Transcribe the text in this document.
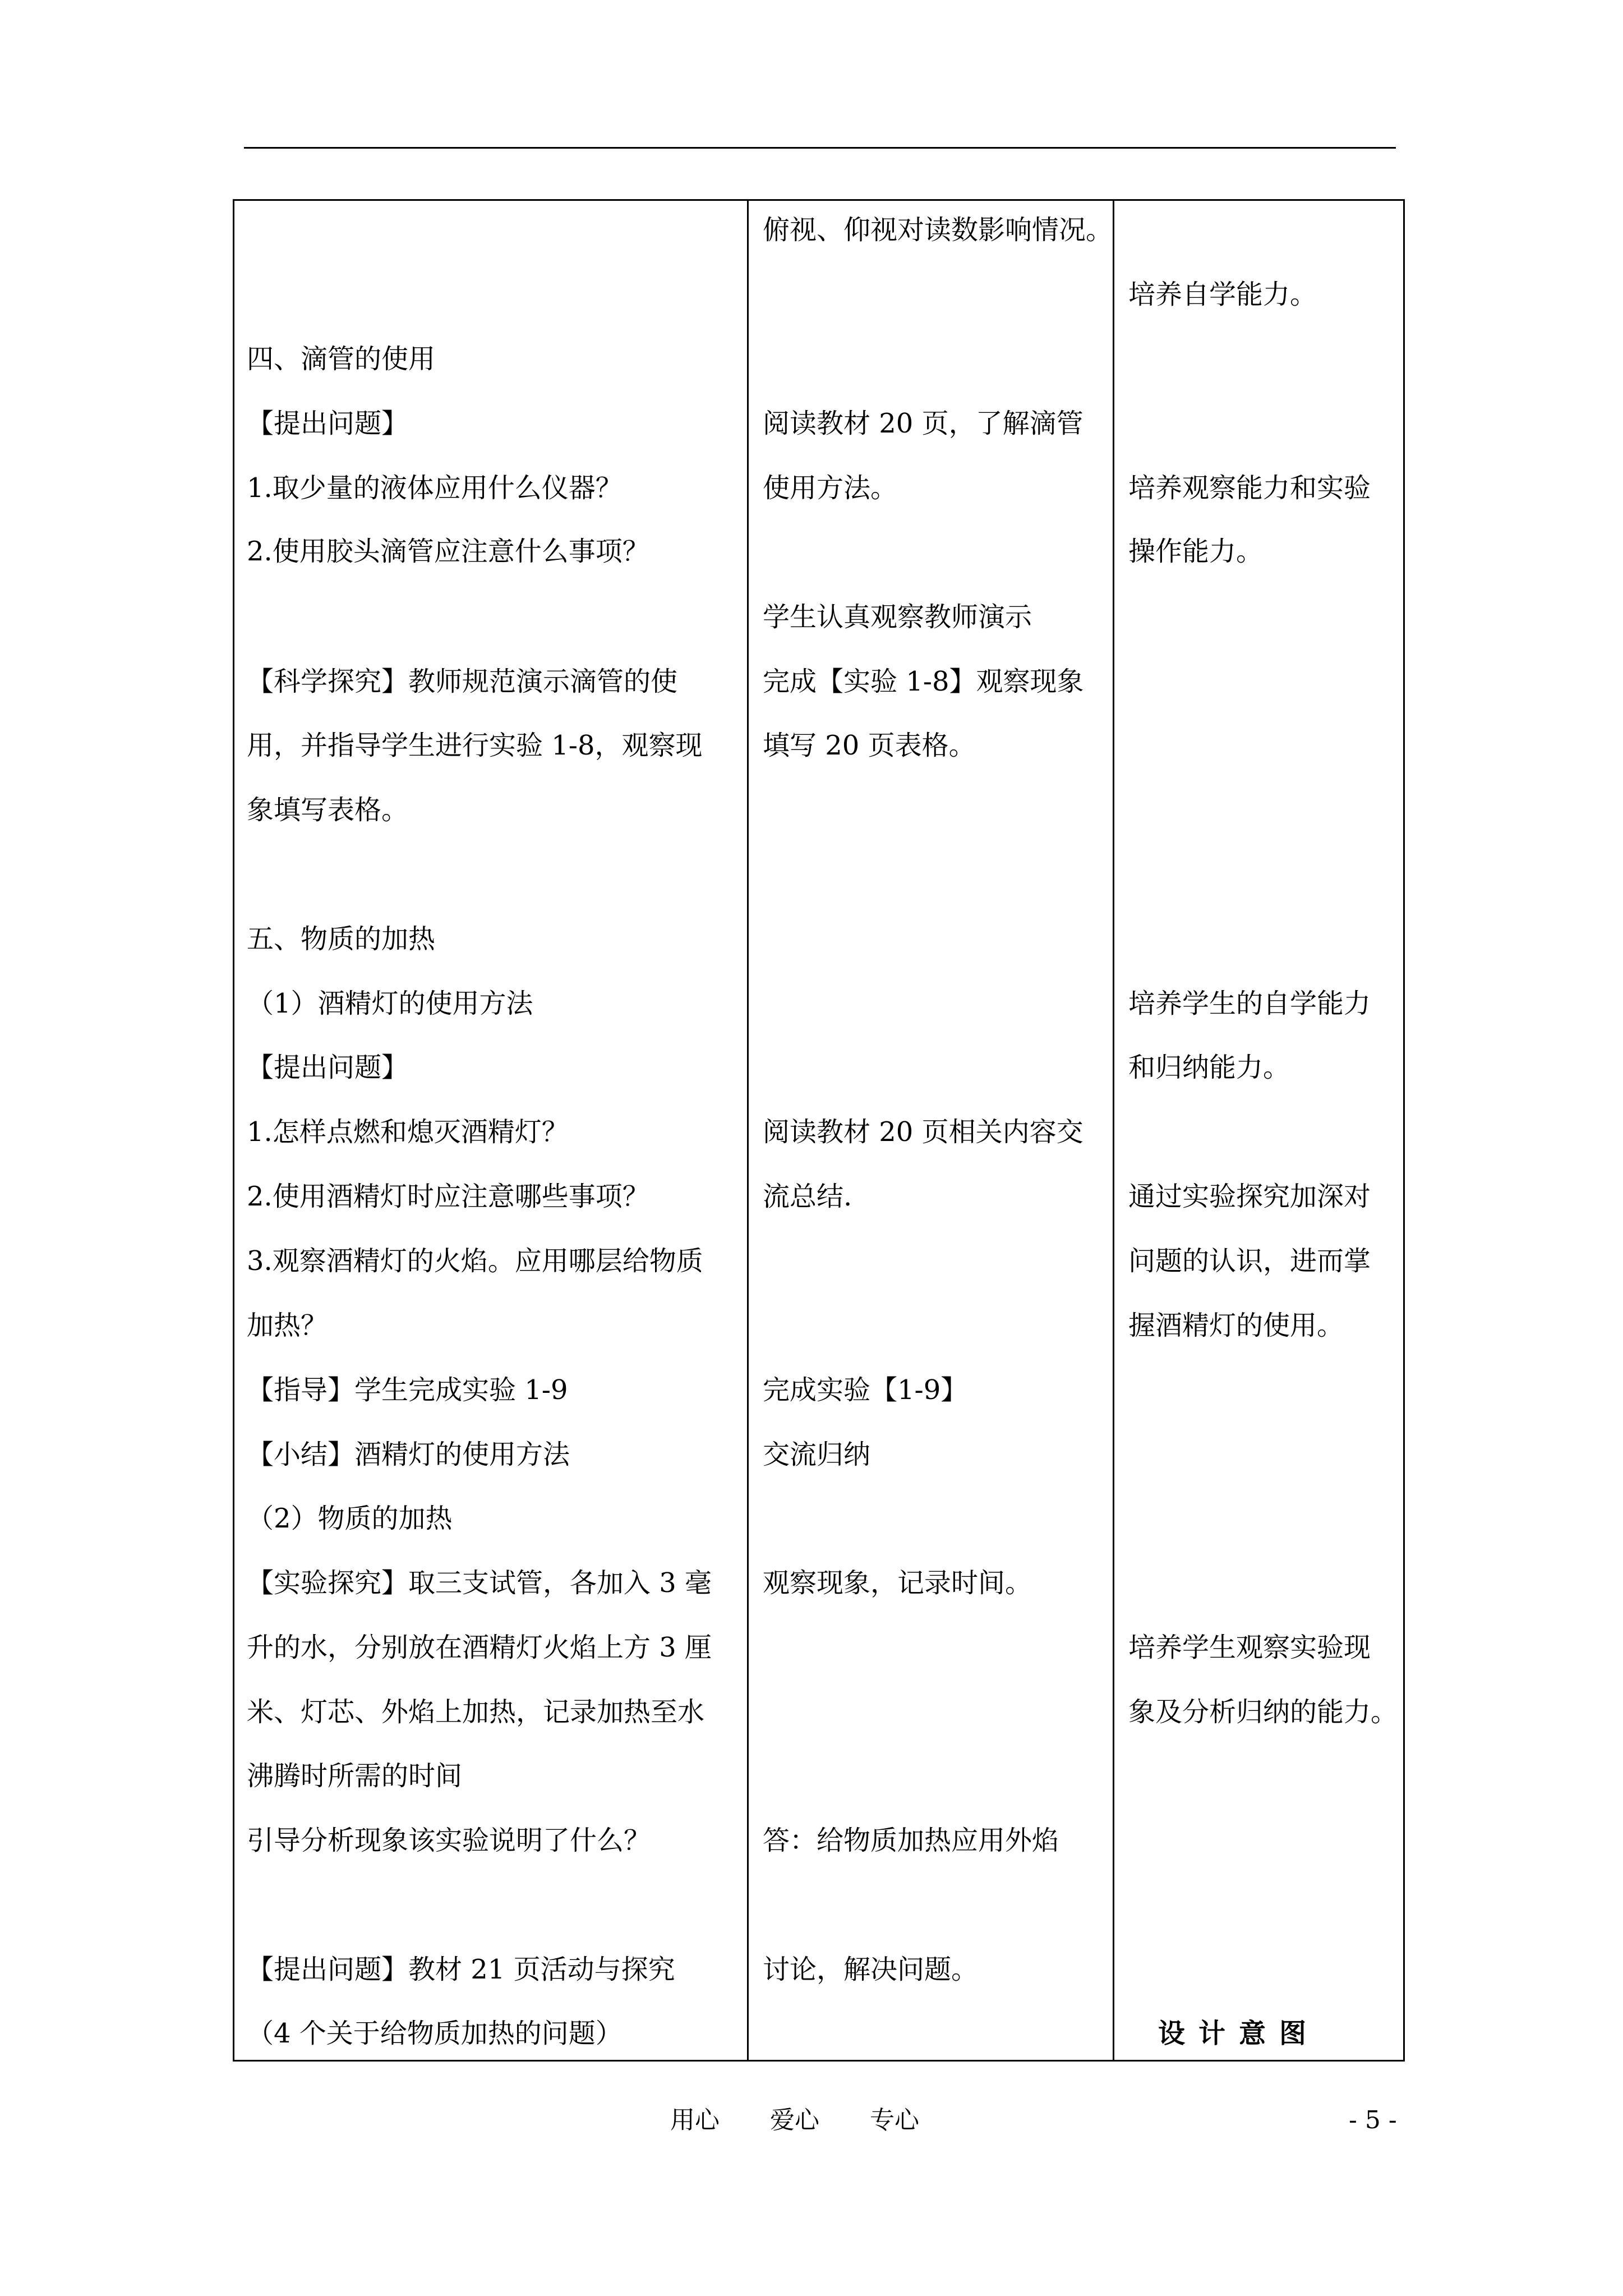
四、滴管的使用
【提出问题】
1.取少量的液体应用什么仪器？
2.使用胶头滴管应注意什么事项？
【科学探究】教师规范演示滴管的使
用，并指导学生进行实验 1-8，观察现
象填写表格。
五、物质的加热
（1）酒精灯的使用方法
【提出问题】
1.怎样点燃和熄灭酒精灯？
2.使用酒精灯时应注意哪些事项？
3.观察酒精灯的火焰。应用哪层给物质
加热？
【指导】学生完成实验 1-9
【小结】酒精灯的使用方法
（2）物质的加热
【实验探究】取三支试管，各加入 3 毫
升的水，分别放在酒精灯火焰上方 3 厘
米、灯芯、外焰上加热，记录加热至水
沸腾时所需的时间
引导分析现象该实验说明了什么？
【提出问题】教材 21 页活动与探究
（4 个关于给物质加热的问题）
俯视、仰视对读数影响情况。
阅读教材 20 页，了解滴管
使用方法。
学生认真观察教师演示
完成【实验 1-8】观察现象
填写 20 页表格。
阅读教材 20 页相关内容交
流总结.
完成实验【1-9】
交流归纳
观察现象，记录时间。
答：给物质加热应用外焰
讨论，解决问题。
培养自学能力。
培养观察能力和实验
操作能力。
培养学生的自学能力
和归纳能力。
通过实验探究加深对
问题的认识，进而掌
握酒精灯的使用。
培养学生观察实验现
象及分析归纳的能力。
设计意图
用心 爱心 专心	- 5 -
